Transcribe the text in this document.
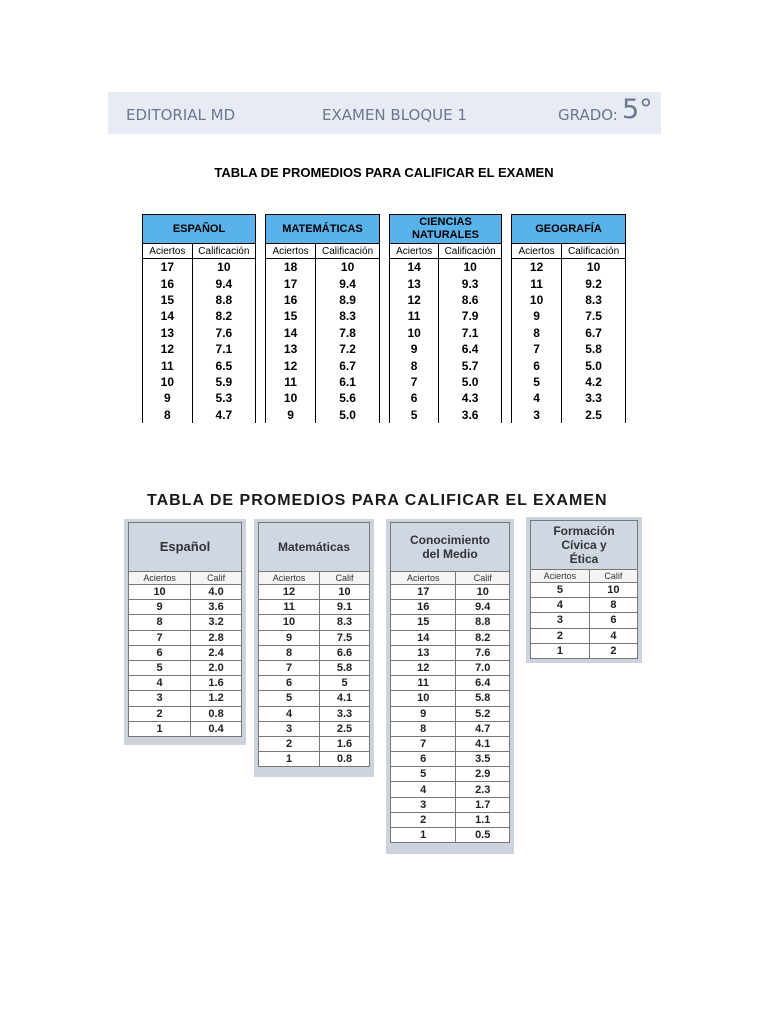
EDITORIAL MD	EXAMEN BLOQUE 1	GRADO: 5°
TABLA DE PROMEDIOS PARA CALIFICAR EL EXAMEN
ESPAÑOL	
Aciertos	Calificación
17	10
16	9.4
15	8.8
14	8.2
13	7.6
12	7.1
11	6.5
10	5.9
9	5.3
8	4.7
MATEMÁTICAS	
Aciertos	Calificación
18	10
17	9.4
16	8.9
15	8.3
14	7.8
13	7.2
12	6.7
11	6.1
10	5.6
9	5.0
CIENCIAS
NATURALES	
Aciertos	Calificación
14	10
13	9.3
12	8.6
11	7.9
10	7.1
9	6.4
8	5.7
7	5.0
6	4.3
5	3.6
GEOGRAFÍA	
Aciertos	Calificación
12	10
11	9.2
10	8.3
9	7.5
8	6.7
7	5.8
6	5.0
5	4.2
4	3.3
3	2.5
TABLA DE PROMEDIOS PARA CALIFICAR EL EXAMEN
Español	
Aciertos	Calif
10	4.0
9	3.6
8	3.2
7	2.8
6	2.4
5	2.0
4	1.6
3	1.2
2	0.8
1	0.4
Matemáticas	
Aciertos	Calif
12	10
11	9.1
10	8.3
9	7.5
8	6.6
7	5.8
6	5
5	4.1
4	3.3
3	2.5
2	1.6
1	0.8
Conocimiento
del Medio	
Aciertos	Calif
17	10
16	9.4
15	8.8
14	8.2
13	7.6
12	7.0
11	6.4
10	5.8
9	5.2
8	4.7
7	4.1
6	3.5
5	2.9
4	2.3
3	1.7
2	1.1
1	0.5
Formación
Cívica y
Ética	
Aciertos	Calif
5	10
4	8
3	6
2	4
1	2
